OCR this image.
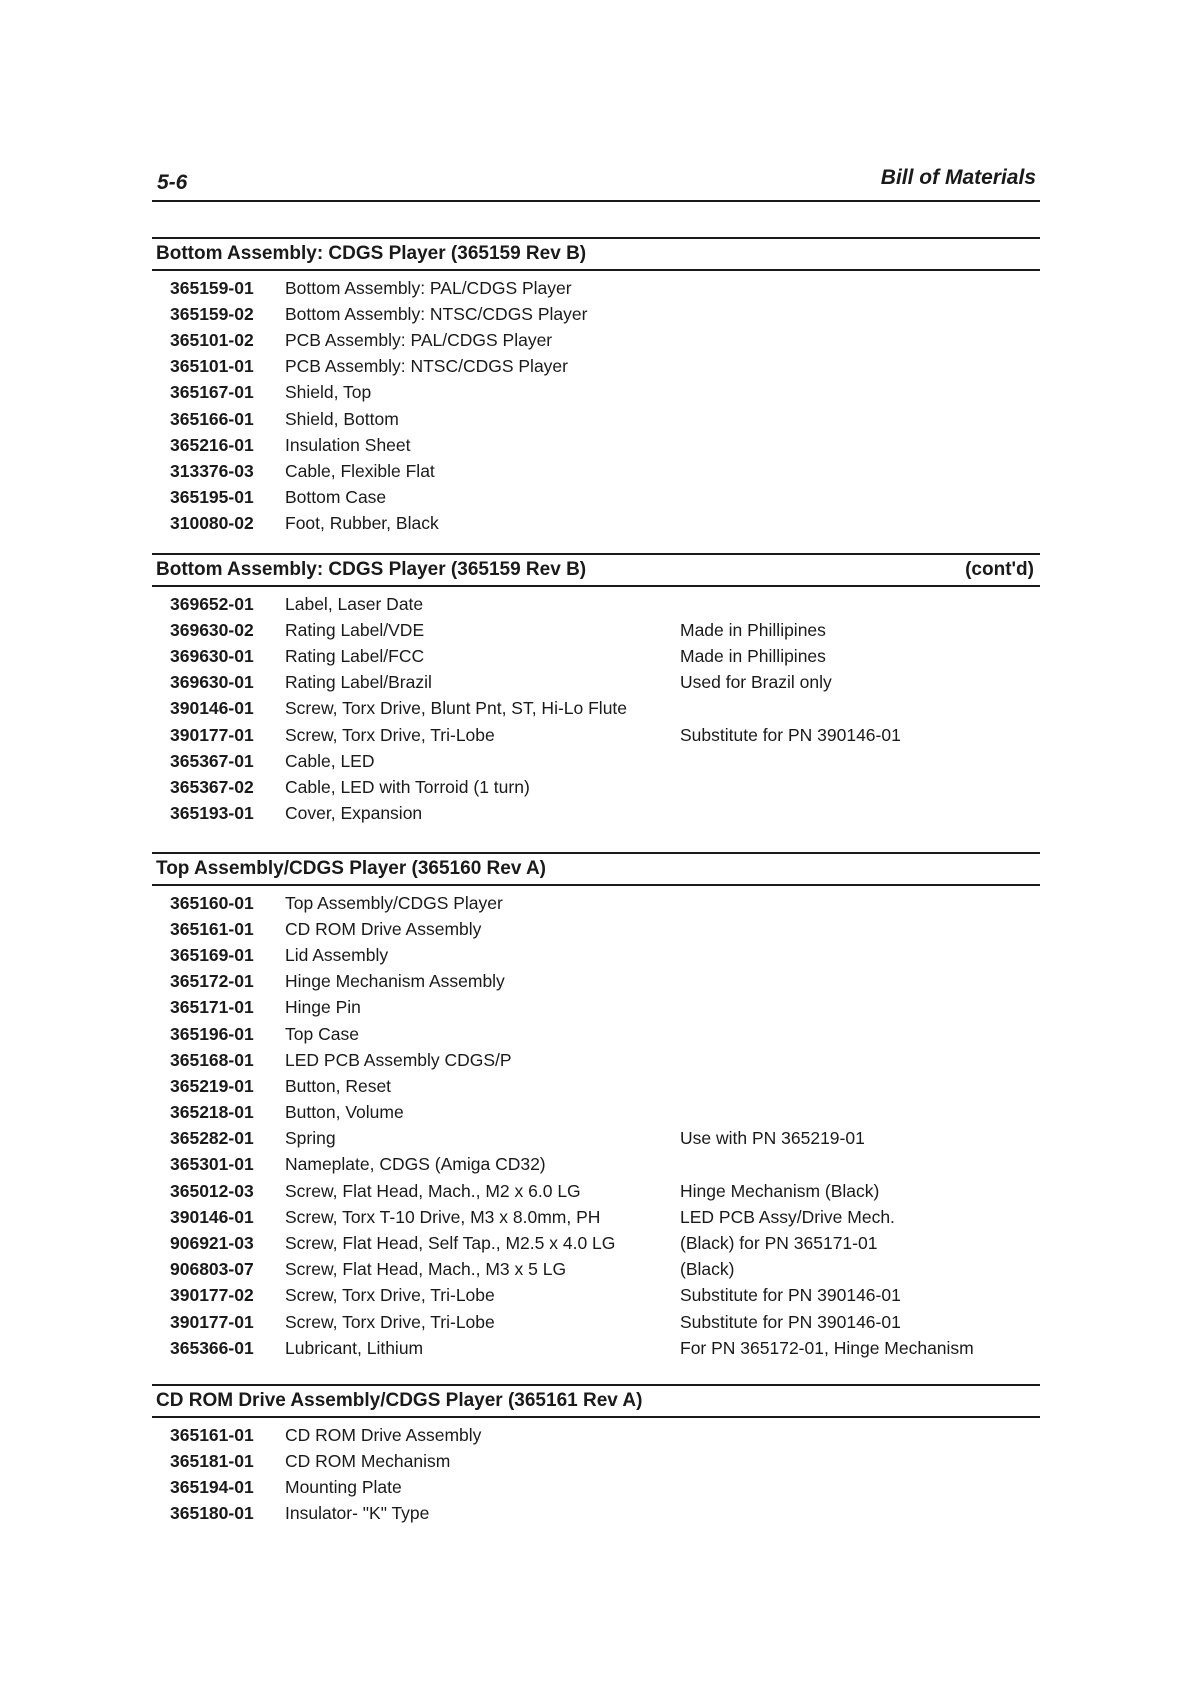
5-6	Bill of Materials
Bottom Assembly: CDGS Player (365159 Rev B)
365159-01	Bottom Assembly: PAL/CDGS Player
365159-02	Bottom Assembly: NTSC/CDGS Player
365101-02	PCB Assembly: PAL/CDGS Player
365101-01	PCB Assembly: NTSC/CDGS Player
365167-01	Shield, Top
365166-01	Shield, Bottom
365216-01	Insulation Sheet
313376-03	Cable, Flexible Flat
365195-01	Bottom Case
310080-02	Foot, Rubber, Black
Bottom Assembly: CDGS Player (365159 Rev B)	(cont'd)
369652-01	Label, Laser Date
369630-02	Rating Label/VDE	Made in Phillipines
369630-01	Rating Label/FCC	Made in Phillipines
369630-01	Rating Label/Brazil	Used for Brazil only
390146-01	Screw, Torx Drive, Blunt Pnt, ST, Hi-Lo Flute
390177-01	Screw, Torx Drive, Tri-Lobe	Substitute for PN 390146-01
365367-01	Cable, LED
365367-02	Cable, LED with Torroid (1 turn)
365193-01	Cover, Expansion
Top Assembly/CDGS Player (365160 Rev A)
365160-01	Top Assembly/CDGS Player
365161-01	CD ROM Drive Assembly
365169-01	Lid Assembly
365172-01	Hinge Mechanism Assembly
365171-01	Hinge Pin
365196-01	Top Case
365168-01	LED PCB Assembly CDGS/P
365219-01	Button, Reset
365218-01	Button, Volume
365282-01	Spring	Use with PN 365219-01
365301-01	Nameplate, CDGS (Amiga CD32)
365012-03	Screw, Flat Head, Mach., M2 x 6.0 LG	Hinge Mechanism (Black)
390146-01	Screw, Torx T-10 Drive, M3 x 8.0mm, PH	LED PCB Assy/Drive Mech.
906921-03	Screw, Flat Head, Self Tap., M2.5 x 4.0 LG	(Black) for PN 365171-01
906803-07	Screw, Flat Head, Mach., M3 x 5 LG	(Black)
390177-02	Screw, Torx Drive, Tri-Lobe	Substitute for PN 390146-01
390177-01	Screw, Torx Drive, Tri-Lobe	Substitute for PN 390146-01
365366-01	Lubricant, Lithium	For PN 365172-01, Hinge Mechanism
CD ROM Drive Assembly/CDGS Player (365161 Rev A)
365161-01	CD ROM Drive Assembly
365181-01	CD ROM Mechanism
365194-01	Mounting Plate
365180-01	Insulator- "K" Type
